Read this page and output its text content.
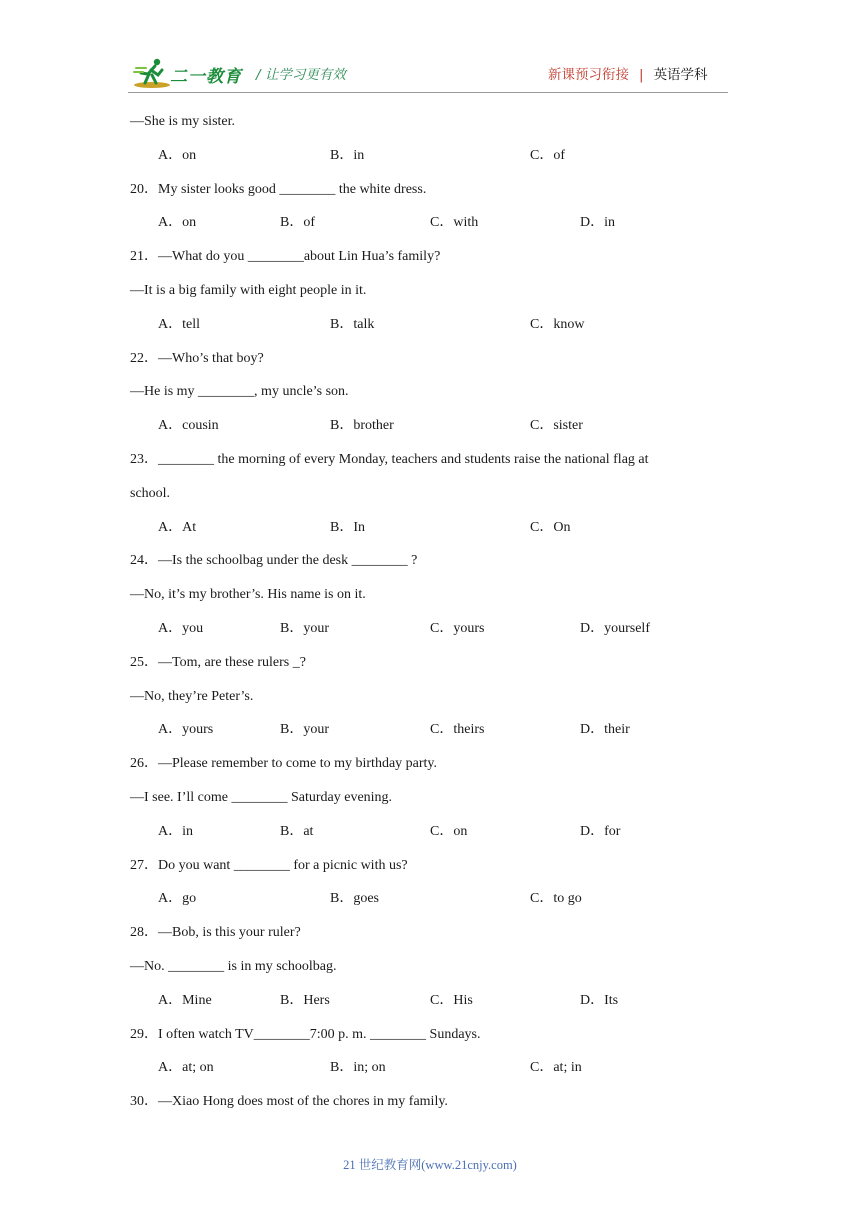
二一教育 / 让学习更有效	新课预习衔接 | 英语学科
—She is my sister.
A．on	B．in	C．of
20．My sister looks good ________ the white dress.
A．on	B．of	C．with	D．in
21．—What do you ________about Lin Hua’s family?
—It is a big family with eight people in it.
A．tell	B．talk	C．know
22．—Who’s that boy?
—He is my ________, my uncle’s son.
A．cousin	B．brother	C．sister
23．________ the morning of every Monday, teachers and students raise the national flag at
school.
A．At	B．In	C．On
24．—Is the schoolbag under the desk ________ ?
—No, it’s my brother’s. His name is on it.
A．you	B．your	C．yours	D．yourself
25．—Tom, are these rulers _?
—No, they’re Peter’s.
A．yours	B．your	C．theirs	D．their
26．—Please remember to come to my birthday party.
—I see. I’ll come ________ Saturday evening.
A．in	B．at	C．on	D．for
27．Do you want ________ for a picnic with us?
A．go	B．goes	C．to go
28．—Bob, is this your ruler?
—No. ________ is in my schoolbag.
A．Mine	B．Hers	C．His	D．Its
29．I often watch TV________7:00 p. m. ________ Sundays.
A．at; on	B．in; on	C．at; in
30．—Xiao Hong does most of the chores in my family.
21 世纪教育网(www.21cnjy.com)
